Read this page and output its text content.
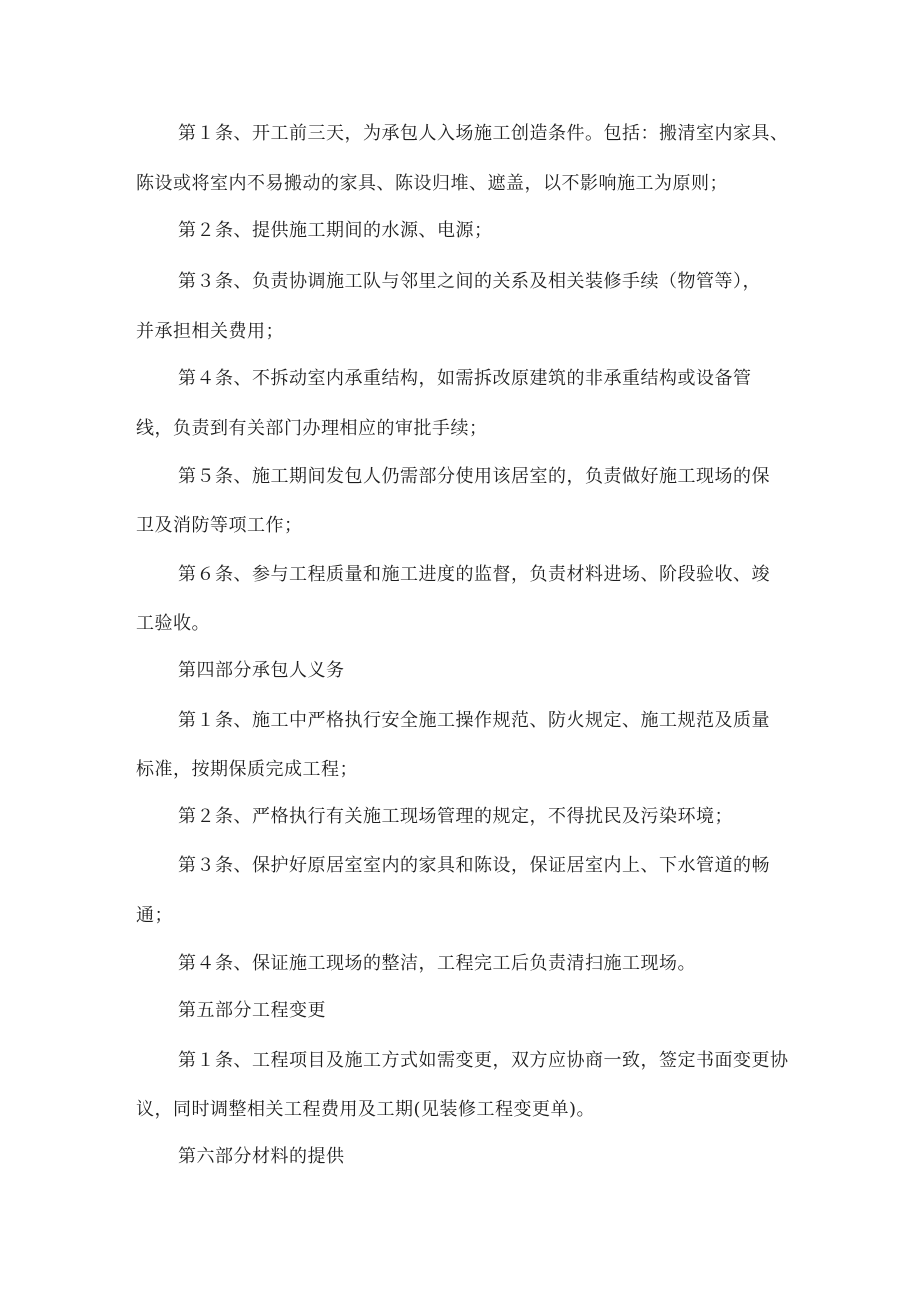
第１条、开工前三天，为承包人入场施工创造条件。包括：搬清室内家具、

陈设或将室内不易搬动的家具、陈设归堆、遮盖，以不影响施工为原则；

第２条、提供施工期间的水源、电源；

第３条、负责协调施工队与邻里之间的关系及相关装修手续（物管等），

并承担相关费用；

第４条、不拆动室内承重结构，如需拆改原建筑的非承重结构或设备管

线，负责到有关部门办理相应的审批手续；

第５条、施工期间发包人仍需部分使用该居室的，负责做好施工现场的保

卫及消防等项工作；

第６条、参与工程质量和施工进度的监督，负责材料进场、阶段验收、竣

工验收。

第四部分承包人义务

第１条、施工中严格执行安全施工操作规范、防火规定、施工规范及质量

标准，按期保质完成工程；

第２条、严格执行有关施工现场管理的规定，不得扰民及污染环境；

第３条、保护好原居室室内的家具和陈设，保证居室内上、下水管道的畅

通；

第４条、保证施工现场的整洁，工程完工后负责清扫施工现场。

第五部分工程变更

第１条、工程项目及施工方式如需变更，双方应协商一致，签定书面变更协

议，同时调整相关工程费用及工期(见装修工程变更单)。

第六部分材料的提供
